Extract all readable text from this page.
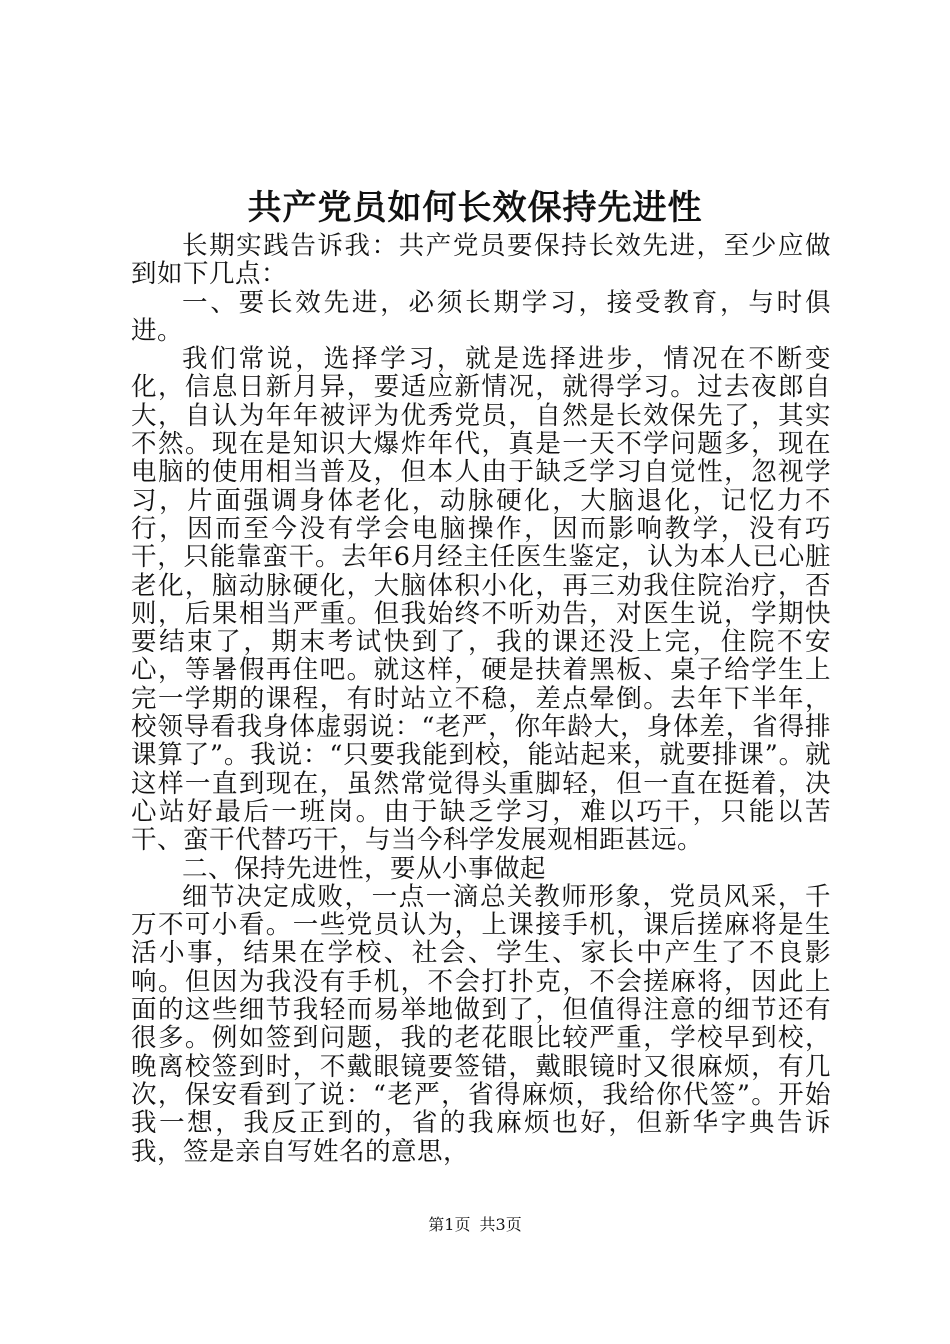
共产党员如何长效保持先进性

长期实践告诉我：共产党员要保持长效先进，至少应做到如下几点：

一、要长效先进，必须长期学习，接受教育，与时俱进。

我们常说，选择学习，就是选择进步，情况在不断变化，信息日新月异，要适应新情况，就得学习。过去夜郎自大，自认为年年被评为优秀党员，自然是长效保先了，其实不然。现在是知识大爆炸年代，真是一天不学问题多，现在电脑的使用相当普及，但本人由于缺乏学习自觉性，忽视学习，片面强调身体老化，动脉硬化，大脑退化，记忆力不行，因而至今没有学会电脑操作，因而影响教学，没有巧干，只能靠蛮干。去年6月经主任医生鉴定，认为本人已心脏老化，脑动脉硬化，大脑体积小化，再三劝我住院治疗，否则，后果相当严重。但我始终不听劝告，对医生说，学期快要结束了，期末考试快到了，我的课还没上完，住院不安心，等暑假再住吧。就这样，硬是扶着黑板、桌子给学生上完一学期的课程，有时站立不稳，差点晕倒。去年下半年，校领导看我身体虚弱说：“老严，你年龄大，身体差，省得排课算了”。我说：“只要我能到校，能站起来，就要排课”。就这样一直到现在，虽然常觉得头重脚轻，但一直在挺着，决心站好最后一班岗。由于缺乏学习，难以巧干，只能以苦干、蛮干代替巧干，与当今科学发展观相距甚远。

二、保持先进性，要从小事做起

细节决定成败，一点一滴总关教师形象，党员风采，千万不可小看。一些党员认为，上课接手机，课后搓麻将是生活小事，结果在学校、社会、学生、家长中产生了不良影响。但因为我没有手机，不会打扑克，不会搓麻将，因此上面的这些细节我轻而易举地做到了，但值得注意的细节还有很多。例如签到问题，我的老花眼比较严重，学校早到校，晚离校签到时，不戴眼镜要签错，戴眼镜时又很麻烦，有几次，保安看到了说：“老严，省得麻烦，我给你代签”。开始我一想，我反正到的，省的我麻烦也好，但新华字典告诉我，签是亲自写姓名的意思，

第1页 共3页
